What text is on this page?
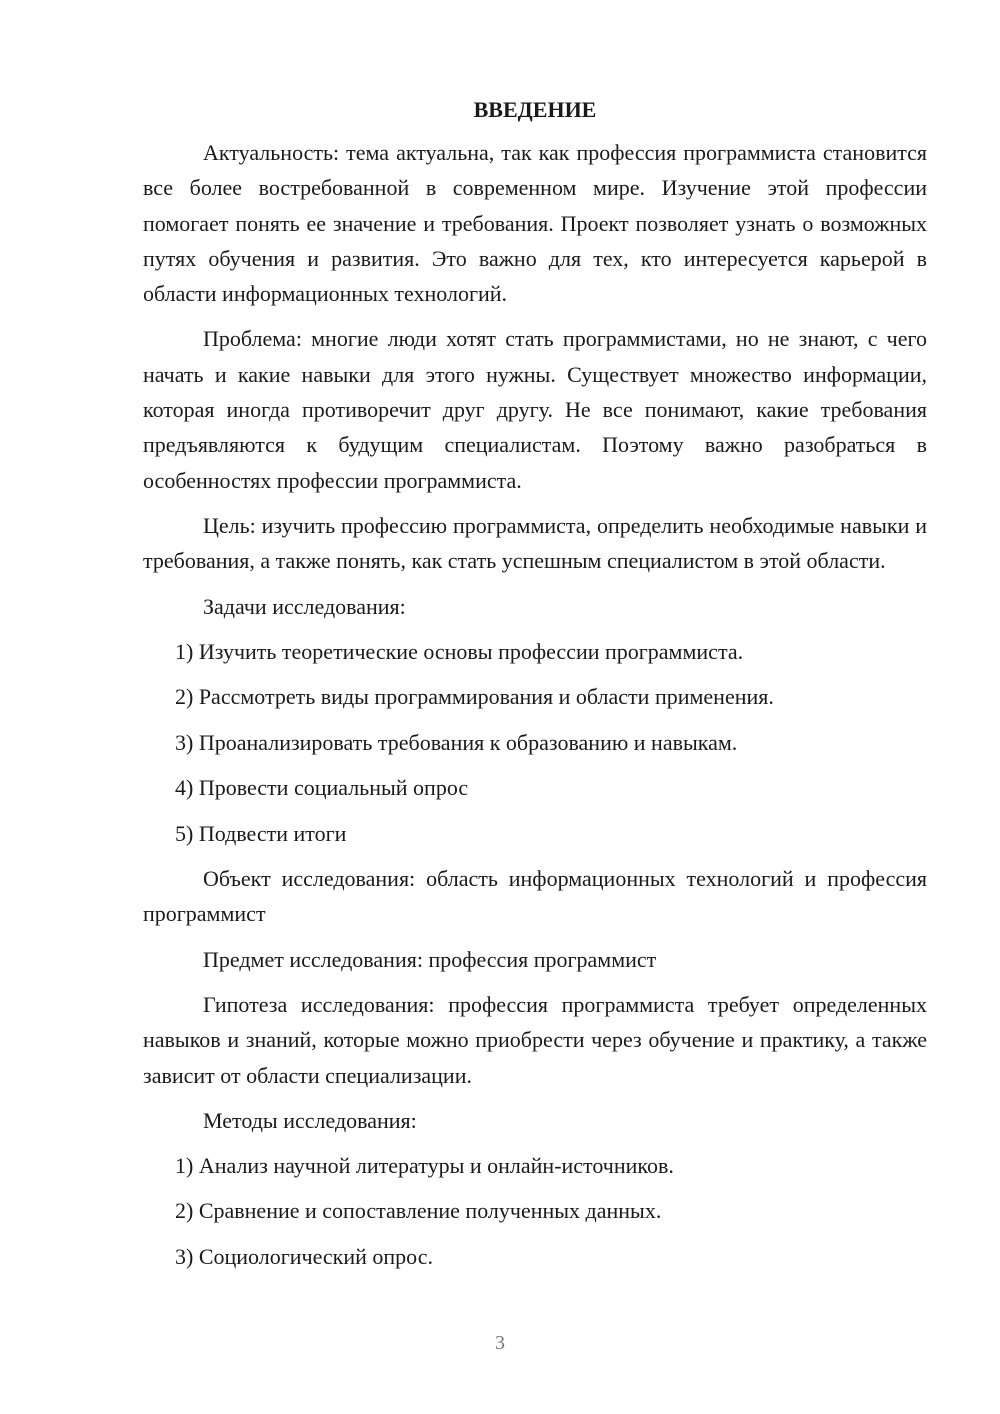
ВВЕДЕНИЕ

Актуальность: тема актуальна, так как профессия программиста становится все более востребованной в современном мире. Изучение этой профессии помогает понять ее значение и требования. Проект позволяет узнать о возможных путях обучения и развития. Это важно для тех, кто интересуется карьерой в области информационных технологий.

Проблема: многие люди хотят стать программистами, но не знают, с чего начать и какие навыки для этого нужны. Существует множество информации, которая иногда противоречит друг другу. Не все понимают, какие требования предъявляются к будущим специалистам. Поэтому важно разобраться в особенностях профессии программиста.

Цель: изучить профессию программиста, определить необходимые навыки и требования, а также понять, как стать успешным специалистом в этой области.

Задачи исследования:

1) Изучить теоретические основы профессии программиста.
2) Рассмотреть виды программирования и области применения.
3) Проанализировать требования к образованию и навыкам.
4) Провести социальный опрос
5) Подвести итоги

Объект исследования: область информационных технологий и профессия программист

Предмет исследования: профессия программист

Гипотеза исследования: профессия программиста требует определенных навыков и знаний, которые можно приобрести через обучение и практику, а также зависит от области специализации.

Методы исследования:

1) Анализ научной литературы и онлайн-источников.
2) Сравнение и сопоставление полученных данных.
3) Социологический опрос.
3
